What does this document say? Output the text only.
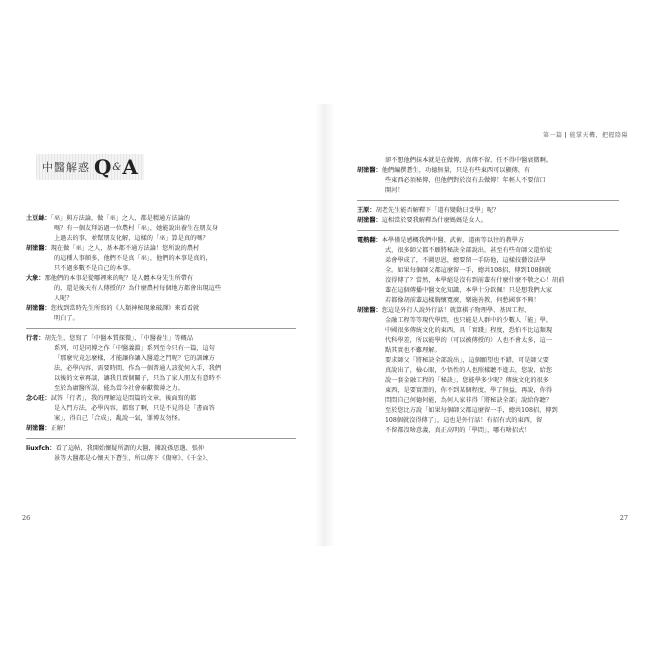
中醫解惑 Q & A
土豆絲：「巫」與方法論，做「巫」之人，都是精通方法論的
嗎？有一個友拜訪過一位農村「巫」，她能說出養生在朋友身
上過去的事，並幫朋友化解，這樣的「巫」算是真的嗎？
胡塗醫：現在做「巫」之人，基本都不通方法論！您所說的農村
的這種人事頗多，他們不是真「巫」，他們的本事是真的，
只不過多數不是自己的本事。
大象：那他們的本事是從哪裡來的呢？是人體本身先生所帶有
的，還是後天有人傳授的？為什麼農村每個地方都會出現這些
人呢？
胡塗醫：您找到當時先生所寫的《人類神秘現象破譯》來看看就
明白了。
行者：胡先生，您寫了「中醫本質探微」、「中醫養生」等概品
系列，可是同博之作「中醫義淵」系列至今只有一篇，這句
「那麼究竟怎麼樣，才能讓你讓入醫道之門呢？它的訓練方
法，必學內容、需要時間，作為一個普通人該從何入手，我們
以後的文章再談，讓我且賣個關子，只為了家人朋友有意時不
至於為庸醫所誤，能為當今社會奉獻微薄之力。
念心旺：試答「行者」，我的理解這是問篇的文章，後面寫的都
是入門方法，必學內容，都寫了啊，只是不見得是「書面答
案」，得自己「合成」，亂說一氣，罪博友勿怪。
胡塗醫：正解！
liuxfch：看了這帖，我開始懷疑所謂的大醫，據說孫思邈、張仲
景等大醫都是心懷天下蒼生，所以傳下《傷寒》、《千金》、
26
第一篇 能掌天機，把握陰陽
卻不想他們抹本就是在做傳，真傳不留，任不得中醫衰微啊。
胡塗醫：他們編撰蒼生，功德無量，只是有些東西可以顯傳，有
些東西必須秘傳，但他們對於沒有去做傳！年輕人不要信口
開河！
王原：胡老先生能否解釋下「道有變動曰爻學」呢？
胡塗醫：這相當於要我解釋為什麼媽媽是女人。
電熱翻：本學僅是感概我們中醫、武術、道術等以往的教學方
式，很多師父都不願將秘訣全部說出，甚至有些奇師父還怕徒
弟會學成了，不圖思恩，總要留一手防他，這樣技藝沒法學
全。如果每個師父都這麼留一手，總共108招，傳到108個就
沒得傳了？當然，本學絕是沒有到前輩有什麼什麼不敬之心！胡前
輩在這個傳播中醫文化知識，本學十分欽佩！只是想我們大家
若都像胡前輩這樣胸懷寬廣，樂施善教，何愁國事不興！
胡塗醫：您這是外行人說外行話！就算棋子物理學、基因工程、
金融工程等等現代學問，也只能是人群中的少數人「能」學，
中國很多傳統文化的東西，具「實踐」程度，恐怕不比這類現
代科學差，所以能學的（可以被傳授的）人也不會太多，這一
點其實也不難理解。
要求師父「將秘訣全部說出」，這個願望也不錯，可是師父要
真說出了，檢心眼，少悟性的人也照樣聽不進去，您說，給您
說一套金融工程的「秘訣」，您能學多少呢？傳統文化的很多
東西，是要實證的，你不到某個程度，學了無益，再說，你得
問問自己何德何能，為何人家非得「將秘訣全部」說給你聽？
至於您比方說「如果每個師父都這麼留一手，總共108招，傳到
108個就沒得傳了」，這也是外行話！有招有式的東西，留
不留都沒啥意義，真正高明的「學問」，哪有啥招式！
27
